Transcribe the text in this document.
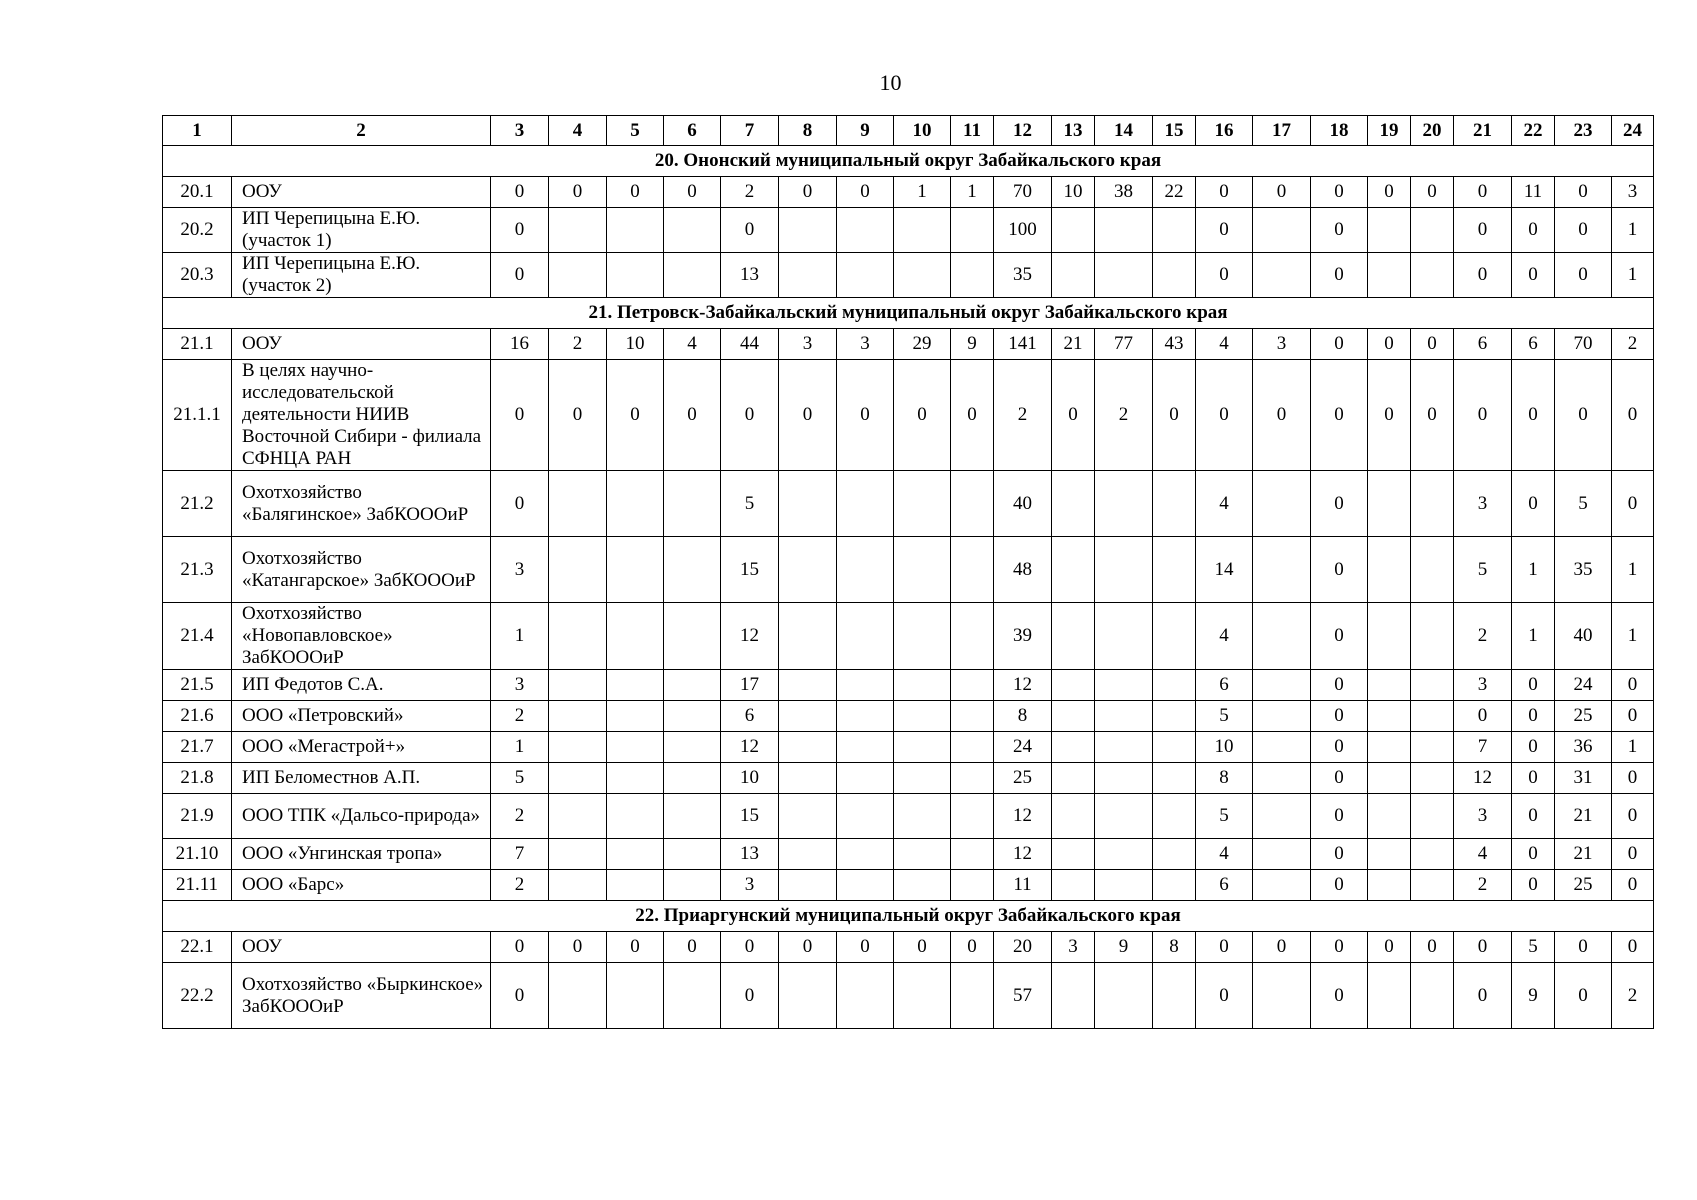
10
1	2	3	4	5	6	7	8	9	10	11	12	13	14	15	16	17	18	19	20	21	22	23	24
20. Ононский муниципальный округ Забайкальского края																							
20.1	ООУ	0	0	0	0	2	0	0	1	1	70	10	38	22	0	0	0	0	0	0	11	0	3
20.2	ИП Черепицына Е.Ю. (участок 1)	0				0					100				0		0			0	0	0	1
20.3	ИП Черепицына Е.Ю. (участок 2)	0				13					35				0		0			0	0	0	1
21. Петровск-Забайкальский муниципальный округ Забайкальского края																							
21.1	ООУ	16	2	10	4	44	3	3	29	9	141	21	77	43	4	3	0	0	0	6	6	70	2
21.1.1	В целях научно-исследовательской деятельности НИИВ Восточной Сибири - филиала СФНЦА РАН	0	0	0	0	0	0	0	0	0	2	0	2	0	0	0	0	0	0	0	0	0	0
21.2	Охотхозяйство «Балягинское» ЗабКОООиР	0				5					40				4		0			3	0	5	0
21.3	Охотхозяйство «Катангарское» ЗабКОООиР	3				15					48				14		0			5	1	35	1
21.4	Охотхозяйство «Новопавловское» ЗабКОООиР	1				12					39				4		0			2	1	40	1
21.5	ИП Федотов С.А.	3				17					12				6		0			3	0	24	0
21.6	ООО «Петровский»	2				6					8				5		0			0	0	25	0
21.7	ООО «Мегастрой+»	1				12					24				10		0			7	0	36	1
21.8	ИП Беломестнов А.П.	5				10					25				8		0			12	0	31	0
21.9	ООО ТПК «Дальсо-природа»	2				15					12				5		0			3	0	21	0
21.10	ООО «Унгинская тропа»	7				13					12				4		0			4	0	21	0
21.11	ООО «Барс»	2				3					11				6		0			2	0	25	0
22. Приаргунский муниципальный округ Забайкальского края																							
22.1	ООУ	0	0	0	0	0	0	0	0	0	20	3	9	8	0	0	0	0	0	0	5	0	0
22.2	Охотхозяйство «Быркинское» ЗабКОООиР	0				0					57				0		0			0	9	0	2
